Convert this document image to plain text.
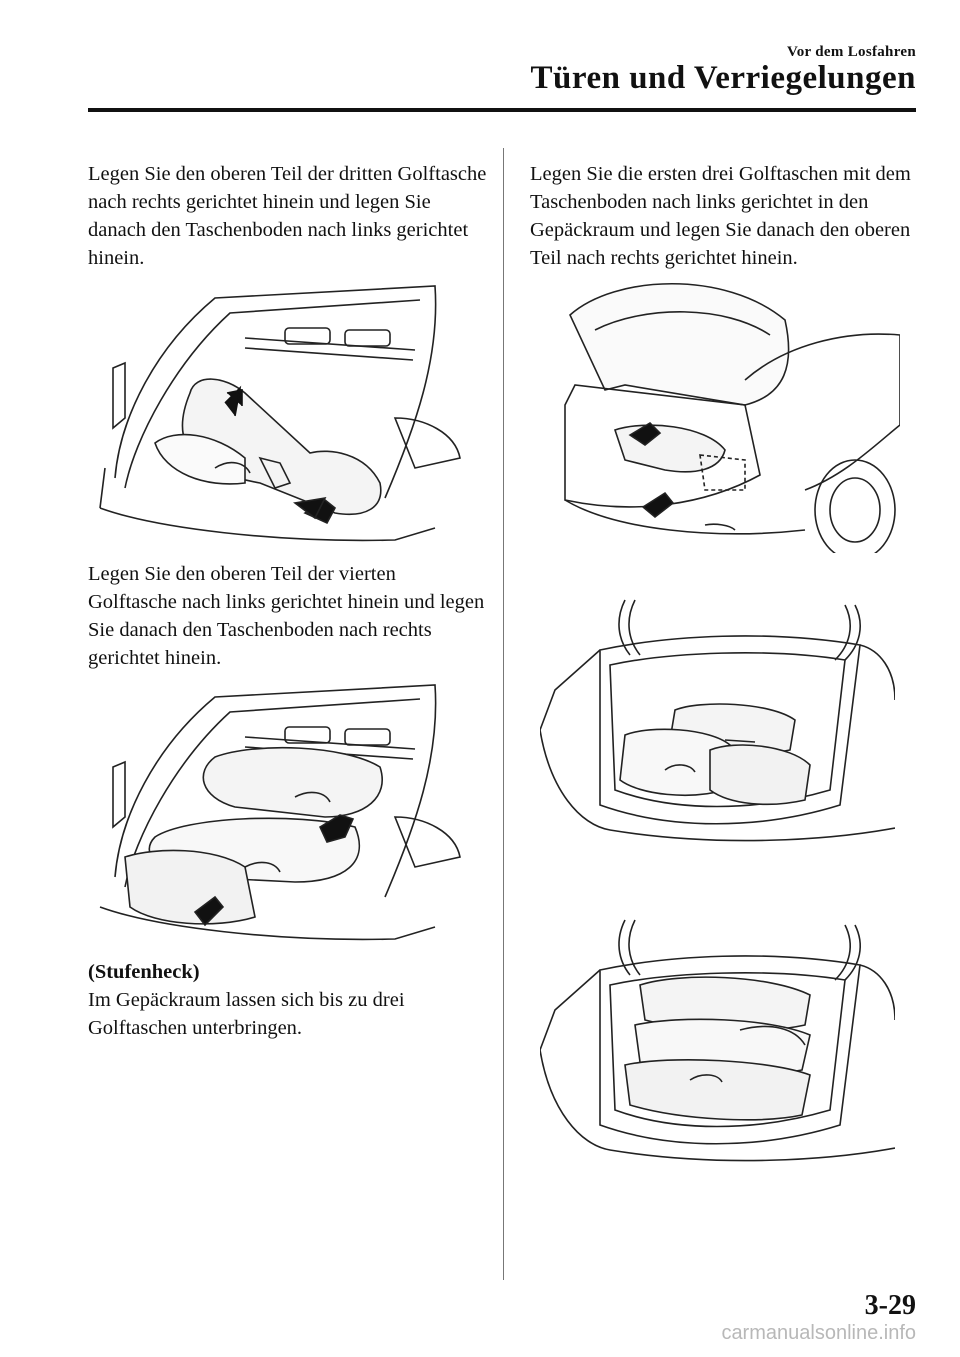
Vor dem Losfahren
Türen und Verriegelungen

Legen Sie den oberen Teil der dritten Golftasche nach rechts gerichtet hinein und legen Sie danach den Taschenboden nach links gerichtet hinein.

Legen Sie den oberen Teil der vierten Golftasche nach links gerichtet hinein und legen Sie danach den Taschenboden nach rechts gerichtet hinein.

(Stufenheck)
Im Gepäckraum lassen sich bis zu drei Golftaschen unterbringen.

Legen Sie die ersten drei Golftaschen mit dem Taschenboden nach links gerichtet in den Gepäckraum und legen Sie danach den oberen Teil nach rechts gerichtet hinein.

3-29
carmanualsonline.info
